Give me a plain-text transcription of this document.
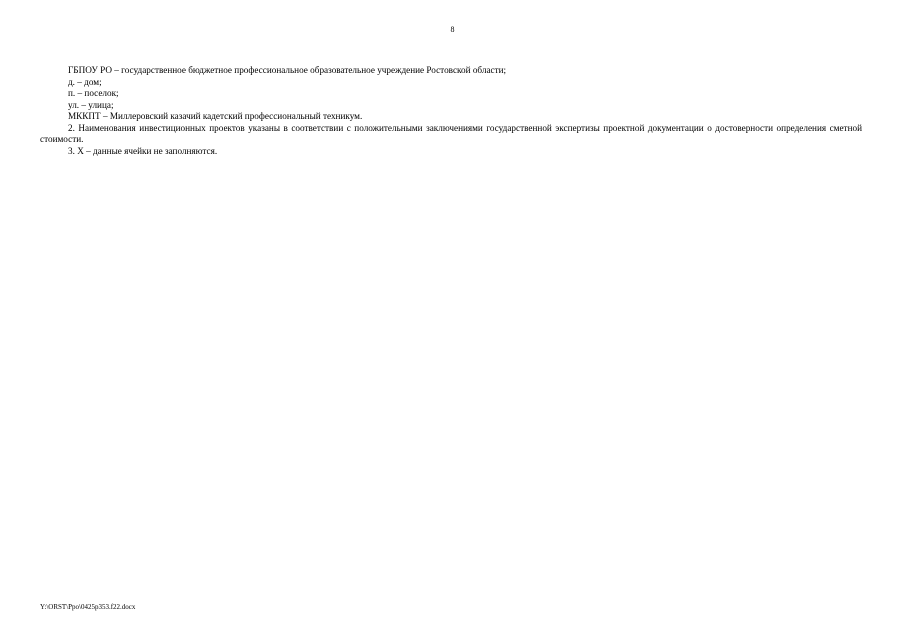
8

ГБПОУ РО – государственное бюджетное профессиональное образовательное учреждение Ростовской области;

д. – дом;

п. – поселок;

ул. – улица;

МККПТ – Миллеровский казачий кадетский профессиональный техникум.

2. Наименования инвестиционных проектов указаны в соответствии с положительными заключениями государственной экспертизы проектной документации о достоверности определения сметной стоимости.

3. Х – данные ячейки не заполняются.

Y:\ORST\Ppo\0425p353.f22.docx
